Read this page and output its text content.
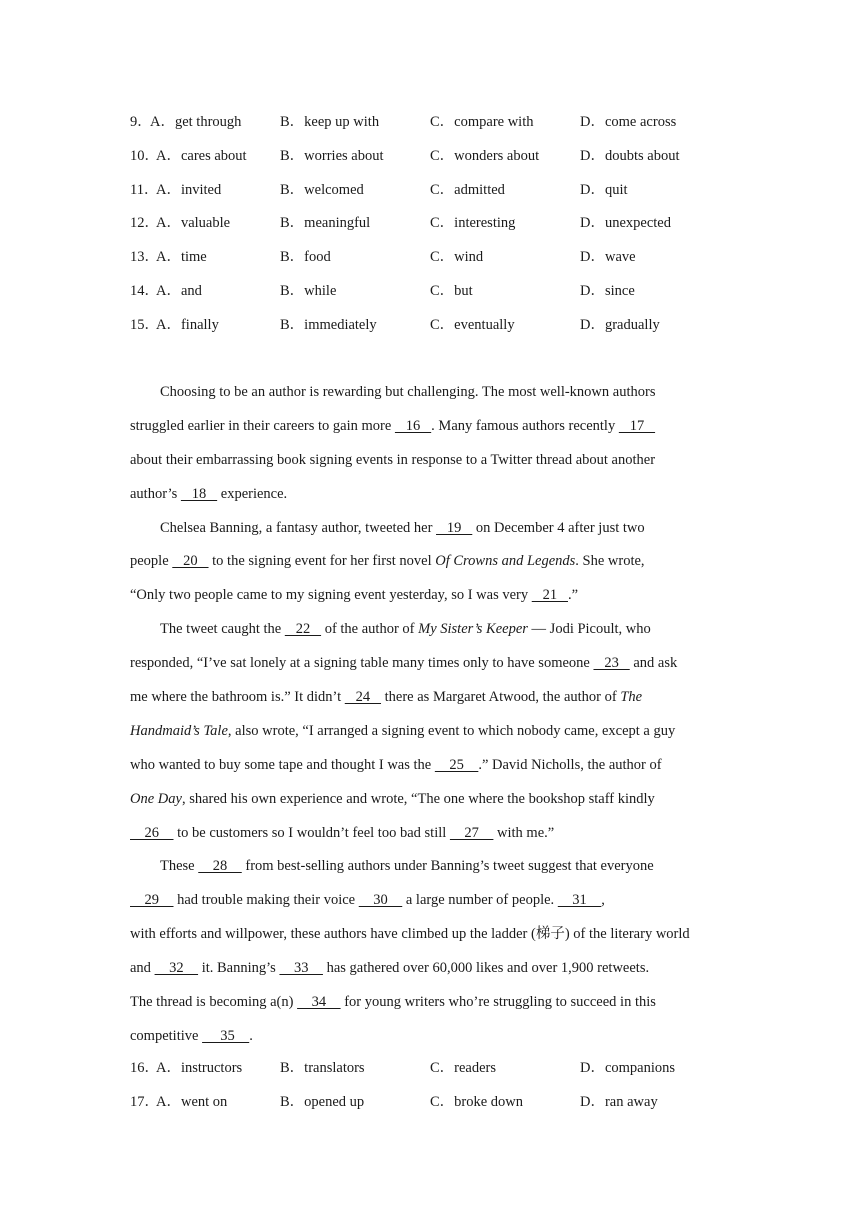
9．
A．get through	B．keep up with	C．compare with	D．come across
10．
A．cares about B．worries about	C．wonders about	D．doubts about
11．
A．invited	B．welcomed	C．admitted	D．quit
12．
A．valuable	B．meaningful	C．interesting	D．unexpected
13．
A．time	B．food	C．wind	D．wave
14．
A．and	B．while	C．but	D．since
15．
A．finally	B．immediately	C．eventually	D．gradually
Choosing to be an author is rewarding but challenging. The most well-known authors
struggled earlier in their careers to gain more    16   . Many famous authors recently    17
about their embarrassing book signing events in response to a Twitter thread about another
author’s    18    experience.
Chelsea Banning, a fantasy author, tweeted her    19    on December 4 after just two
people    20    to the signing event for her first novel Of Crowns and Legends. She wrote,
“Only two people came to my signing event yesterday, so I was very    21   .”
The tweet caught the    22    of the author of My Sister’s Keeper — Jodi Picoult, who
responded, “I’ve sat lonely at a signing table many times only to have someone    23    and ask
me where the bathroom is.” It didn’t    24    there as Margaret Atwood, the author of The
Handmaid’s Tale, also wrote, “I arranged a signing event to which nobody came, except a guy
who wanted to buy some tape and thought I was the     25    .” David Nicholls, the author of
One Day, shared his own experience and wrote, “The one where the bookshop staff kindly
26     to be customers so I wouldn’t feel too bad still     27     with me.”
These     28     from best-selling authors under Banning’s tweet suggest that everyone
29     had trouble making their voice     30     a large number of people.     31    ,
with efforts and willpower, these authors have climbed up the ladder (梯子) of the literary world
and     32     it. Banning’s     33     has gathered over 60,000 likes and over 1,900 retweets.
The thread is becoming a(n)     34     for young writers who’re struggling to succeed in this
competitive      35    .
16．
A．instructors	B．translators	C．readers	D．companions
17．
A．went on	B．opened up	C．broke down	D．ran away
